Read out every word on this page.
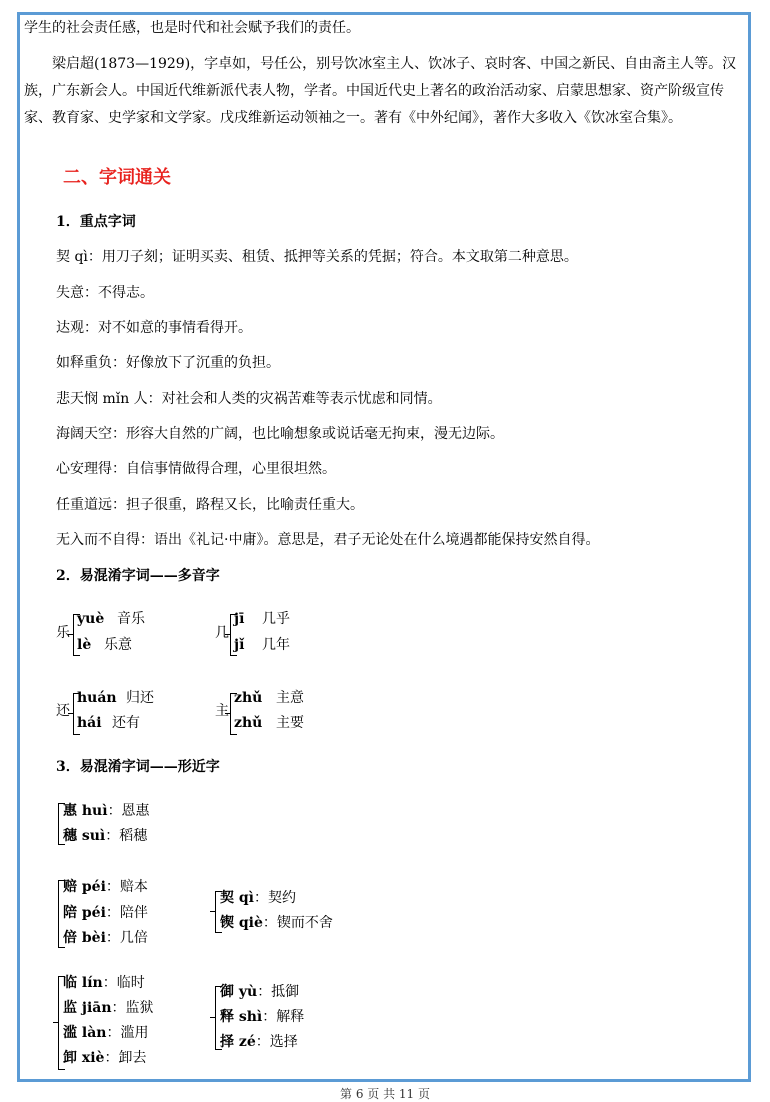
学生的社会责任感，也是时代和社会赋予我们的责任。
梁启超(1873—1929)，字卓如，号任公，别号饮冰室主人、饮冰子、哀时客、中国之新民、自由斋主人等。汉族，广东新会人。中国近代维新派代表人物，学者。中国近代史上著名的政治活动家、启蒙思想家、资产阶级宣传家、教育家、史学家和文学家。戊戌维新运动领袖之一。著有《中外纪闻》，著作大多收入《饮冰室合集》。
二、字词通关
1．重点字词
契 qì：用刀子刻；证明买卖、租赁、抵押等关系的凭据；符合。本文取第二种意思。
失意：不得志。
达观：对不如意的事情看得开。
如释重负：好像放下了沉重的负担。
悲天悯 mǐn 人：对社会和人类的灾祸苦难等表示忧虑和同情。
海阔天空：形容大自然的广阔，也比喻想象或说话毫无拘束，漫无边际。
心安理得：自信事情做得合理，心里很坦然。
任重道远：担子很重，路程又长，比喻责任重大。
无入而不自得：语出《礼记·中庸》。意思是，君子无论处在什么境遇都能保持安然自得。
2．易混淆字词——多音字
乐
yuè 音乐
lè 乐意
几
jī 几乎
jǐ 几年
还
huán 归还
hái 还有
主
zhǔ 主意
zhǔ 主要
3．易混淆字词——形近字
惠 huì：恩惠
穗 suì：稻穗
赔 péi：赔本
陪 péi：陪伴
倍 bèi：几倍
契 qì：契约
锲 qiè：锲而不舍
临 lín：临时
监 jiān：监狱
滥 làn：滥用
卸 xiè：卸去
御 yù：抵御
释 shì：解释
择 zé：选择
第 6 页 共 11 页
